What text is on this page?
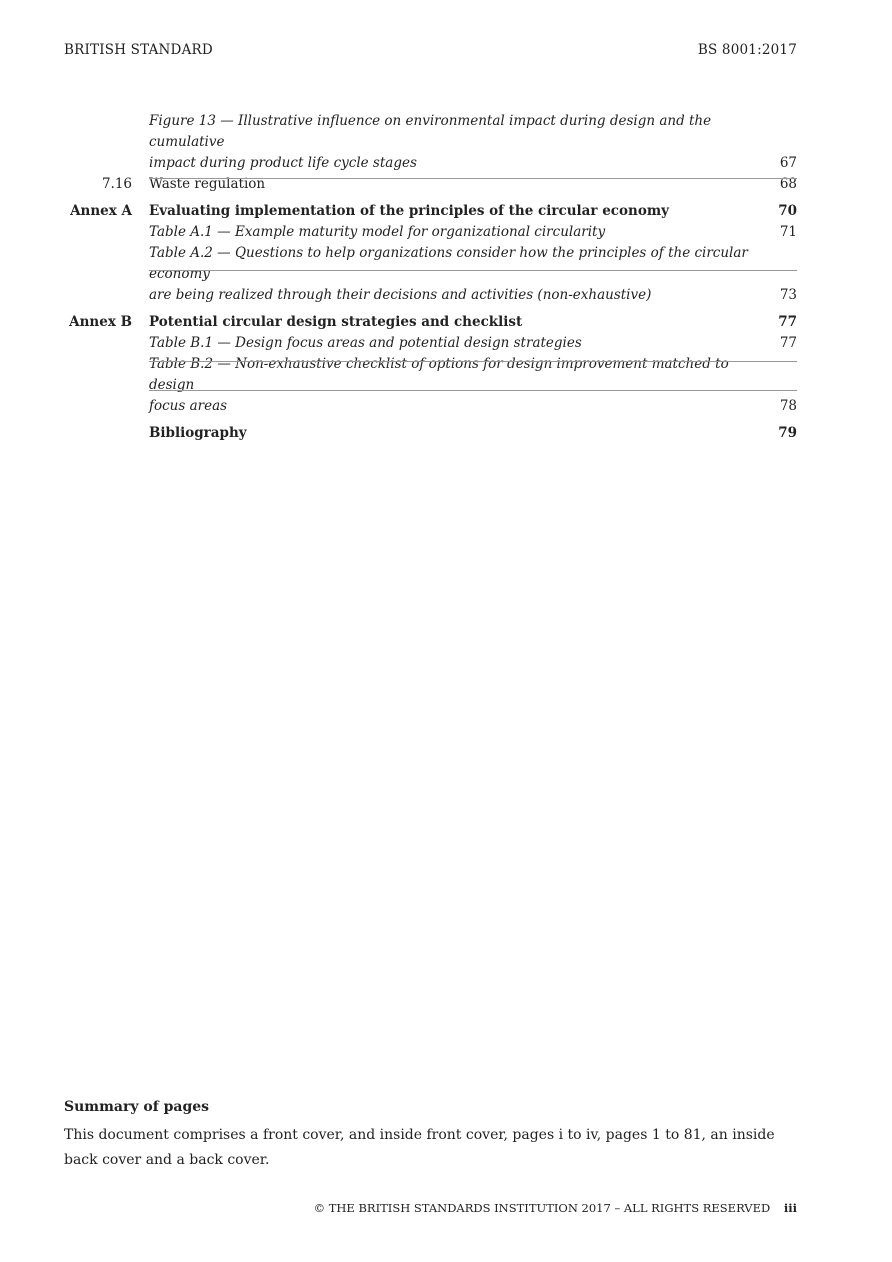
BRITISH STANDARD	BS 8001:2017
Figure 13 — Illustrative influence on environmental impact during design and the cumulative
impact during product life cycle stages	67
7.16	Waste regulation	68
Annex A	Evaluating implementation of the principles of the circular economy	70
Table A.1 — Example maturity model for organizational circularity	71
Table A.2 — Questions to help organizations consider how the principles of the circular economy
are being realized through their decisions and activities (non-exhaustive)	73
Annex B	Potential circular design strategies and checklist	77
Table B.1 — Design focus areas and potential design strategies	77
Table B.2 — Non-exhaustive checklist of options for design improvement matched to design
focus areas	78
Bibliography	79
Summary of pages

This document comprises a front cover, and inside front cover, pages i to iv, pages 1 to 81, an inside back cover and a back cover.

© THE BRITISH STANDARDS INSTITUTION 2017 – ALL RIGHTS RESERVED iii
